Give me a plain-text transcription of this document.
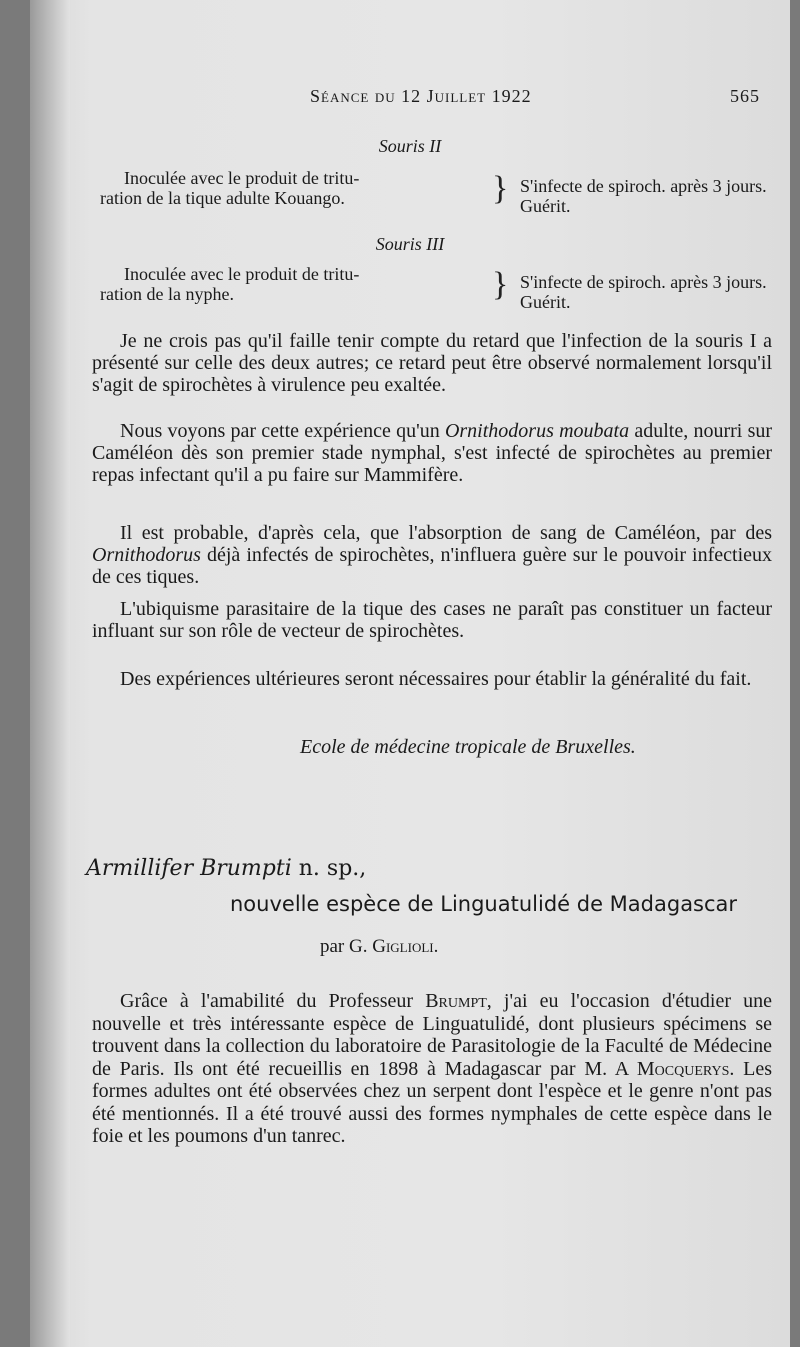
Séance du 12 Juillet 1922	565
Souris II
Inoculée avec le produit de tritu-
ration de la tique adulte Kouango.	} S'infecte de spiroch. après 3 jours.
Guérit.
Souris III
Inoculée avec le produit de tritu-
ration de la nyphe.	} S'infecte de spiroch. après 3 jours.
Guérit.
Je ne crois pas qu'il faille tenir compte du retard que l'infection de la souris I a présenté sur celle des deux autres; ce retard peut être observé normalement lorsqu'il s'agit de spirochètes à virulence peu exaltée.
Nous voyons par cette expérience qu'un Ornithodorus moubata adulte, nourri sur Caméléon dès son premier stade nymphal, s'est infecté de spirochètes au premier repas infectant qu'il a pu faire sur Mammifère.
Il est probable, d'après cela, que l'absorption de sang de Caméléon, par des Ornithodorus déjà infectés de spirochètes, n'influera guère sur le pouvoir infectieux de ces tiques.
L'ubiquisme parasitaire de la tique des cases ne paraît pas constituer un facteur influant sur son rôle de vecteur de spirochètes.
Des expériences ultérieures seront nécessaires pour établir la généralité du fait.
Ecole de médecine tropicale de Bruxelles.
Armillifer Brumpti n. sp.,
nouvelle espèce de Linguatulidé de Madagascar
par G. Giglioli.
Grâce à l'amabilité du Professeur Brumpt, j'ai eu l'occasion d'étudier une nouvelle et très intéressante espèce de Linguatulidé, dont plusieurs spécimens se trouvent dans la collection du laboratoire de Parasitologie de la Faculté de Médecine de Paris. Ils ont été recueillis en 1898 à Madagascar par M. A Mocquerys. Les formes adultes ont été observées chez un serpent dont l'espèce et le genre n'ont pas été mentionnés. Il a été trouvé aussi des formes nymphales de cette espèce dans le foie et les poumons d'un tanrec.
